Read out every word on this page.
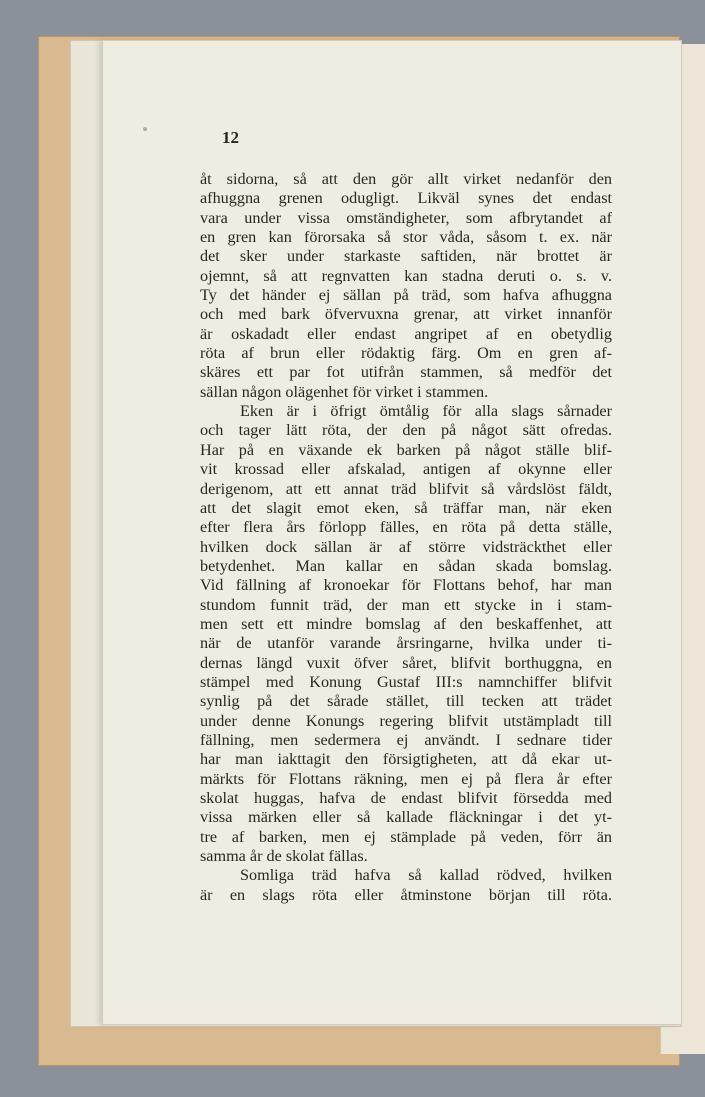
12
åt sidorna, så att den gör allt virket nedanför den
afhuggna grenen odugligt. Likväl synes det endast
vara under vissa omständigheter, som afbrytandet af
en gren kan förorsaka så stor våda, såsom t. ex. när
det sker under starkaste saftiden, när brottet är
ojemnt, så att regnvatten kan stadna deruti o. s. v.
Ty det händer ej sällan på träd, som hafva afhuggna
och med bark öfvervuxna grenar, att virket innanför
är oskadadt eller endast angripet af en obetydlig
röta af brun eller rödaktig färg. Om en gren af-
skäres ett par fot utifrån stammen, så medför det
sällan någon olägenhet för virket i stammen.
Eken är i öfrigt ömtålig för alla slags sårnader
och tager lätt röta, der den på något sätt ofredas.
Har på en växande ek barken på något ställe blif-
vit krossad eller afskalad, antigen af okynne eller
derigenom, att ett annat träd blifvit så vårdslöst fäldt,
att det slagit emot eken, så träffar man, när eken
efter flera års förlopp fälles, en röta på detta ställe,
hvilken dock sällan är af större vidsträckthet eller
betydenhet. Man kallar en sådan skada bomslag.
Vid fällning af kronoekar för Flottans behof, har man
stundom funnit träd, der man ett stycke in i stam-
men sett ett mindre bomslag af den beskaffenhet, att
när de utanför varande årsringarne, hvilka under ti-
dernas längd vuxit öfver såret, blifvit borthuggna, en
stämpel med Konung Gustaf III:s namnchiffer blifvit
synlig på det sårade stället, till tecken att trädet
under denne Konungs regering blifvit utstämpladt till
fällning, men sedermera ej användt. I sednare tider
har man iakttagit den försigtigheten, att då ekar ut-
märkts för Flottans räkning, men ej på flera år efter
skolat huggas, hafva de endast blifvit försedda med
vissa märken eller så kallade fläckningar i det yt-
tre af barken, men ej stämplade på veden, förr än
samma år de skolat fällas.
Somliga träd hafva så kallad rödved, hvilken
är en slags röta eller åtminstone början till röta.
